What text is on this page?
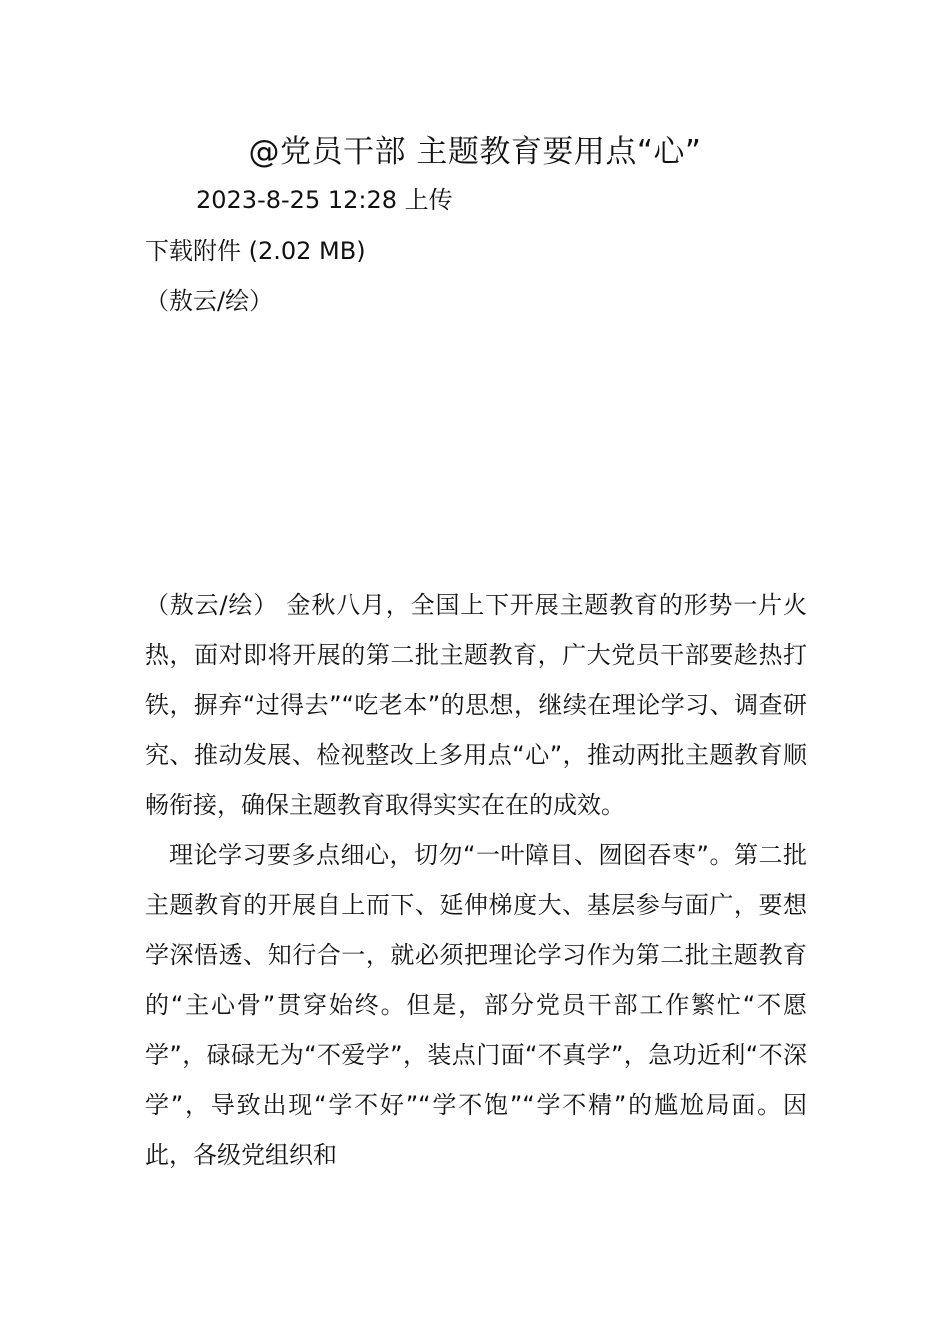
@党员干部 主题教育要用点“心”
2023-8-25 12:28 上传
下载附件 (2.02 MB)
（敖云/绘）

（敖云/绘） 金秋八月，全国上下开展主题教育的形势一片火热，面对即将开展的第二批主题教育，广大党员干部要趁热打铁，摒弃“过得去”“吃老本”的思想，继续在理论学习、调查研究、推动发展、检视整改上多用点“心”，推动两批主题教育顺畅衔接，确保主题教育取得实实在在的成效。

理论学习要多点细心，切勿“一叶障目、囫囵吞枣”。第二批主题教育的开展自上而下、延伸梯度大、基层参与面广，要想学深悟透、知行合一，就必须把理论学习作为第二批主题教育的“主心骨”贯穿始终。但是，部分党员干部工作繁忙“不愿学”，碌碌无为“不爱学”，装点门面“不真学”，急功近利“不深学”，导致出现“学不好”“学不饱”“学不精”的尴尬局面。因此，各级党组织和
